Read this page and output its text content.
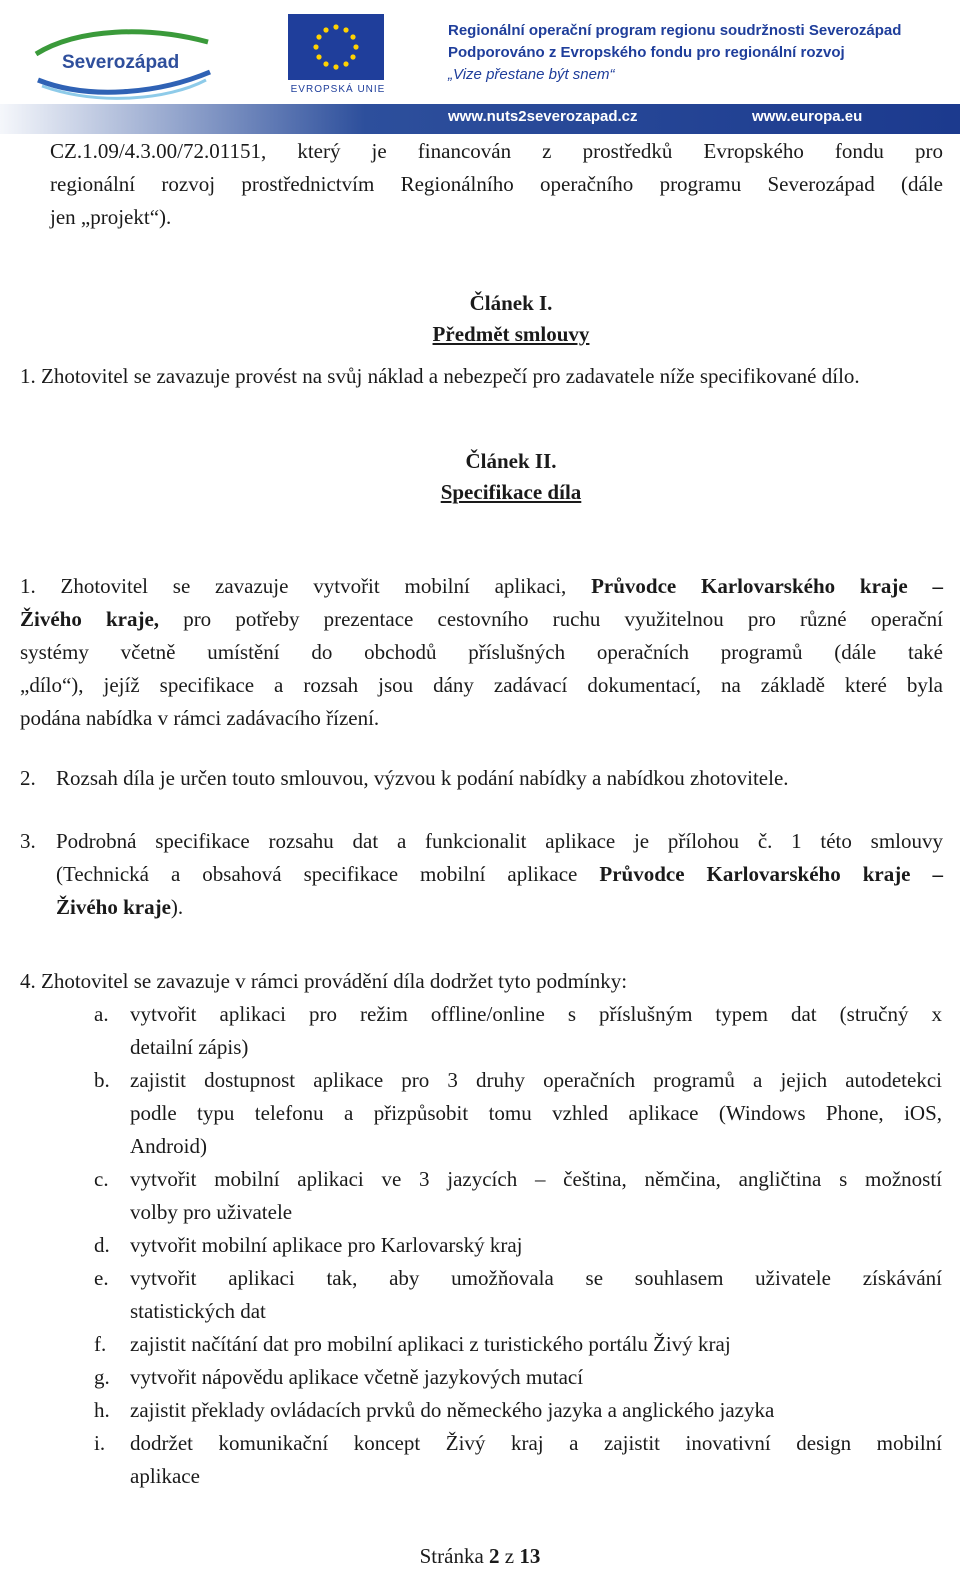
Severozápad
EVROPSKÁ UNIE
Regionální operační program regionu soudržnosti Severozápad
Podporováno z Evropského fondu pro regionální rozvoj
„Vize přestane být snem“
www.nuts2severozapad.cz	www.europa.eu
CZ.1.09/4.3.00/72.01151, který je financován z prostředků Evropského fondu pro
regionální rozvoj prostřednictvím Regionálního operačního programu Severozápad (dále
jen „projekt“).
Článek I.
Předmět smlouvy
1. Zhotovitel se zavazuje provést na svůj náklad a nebezpečí pro zadavatele níže specifikované dílo.
Článek II.
Specifikace díla
1. Zhotovitel se zavazuje vytvořit mobilní aplikaci, Průvodce Karlovarského kraje –
Živého kraje, pro potřeby prezentace cestovního ruchu využitelnou pro různé operační
systémy včetně umístění do obchodů příslušných operačních programů (dále také
„dílo“), jejíž specifikace a rozsah jsou dány zadávací dokumentací, na základě které byla
podána nabídka v rámci zadávacího řízení.
2. Rozsah díla je určen touto smlouvou, výzvou k podání nabídky a nabídkou zhotovitele.
3. Podrobná specifikace rozsahu dat a funkcionalit aplikace je přílohou č. 1 této smlouvy
(Technická a obsahová specifikace mobilní aplikace Průvodce Karlovarského kraje –
Živého kraje).
4. Zhotovitel se zavazuje v rámci provádění díla dodržet tyto podmínky:
a. vytvořit aplikaci pro režim offline/online s příslušným typem dat (stručný x
detailní zápis)
b. zajistit dostupnost aplikace pro 3 druhy operačních programů a jejich autodetekci
podle typu telefonu a přizpůsobit tomu vzhled aplikace (Windows Phone, iOS,
Android)
c. vytvořit mobilní aplikaci ve 3 jazycích – čeština, němčina, angličtina s možností
volby pro uživatele
d. vytvořit mobilní aplikace pro Karlovarský kraj
e. vytvořit aplikaci tak, aby umožňovala se souhlasem uživatele získávání
statistických dat
f. zajistit načítání dat pro mobilní aplikaci z turistického portálu Živý kraj
g. vytvořit nápovědu aplikace včetně jazykových mutací
h. zajistit překlady ovládacích prvků do německého jazyka a anglického jazyka
i. dodržet komunikační koncept Živý kraj a zajistit inovativní design mobilní
aplikace
Stránka 2 z 13
